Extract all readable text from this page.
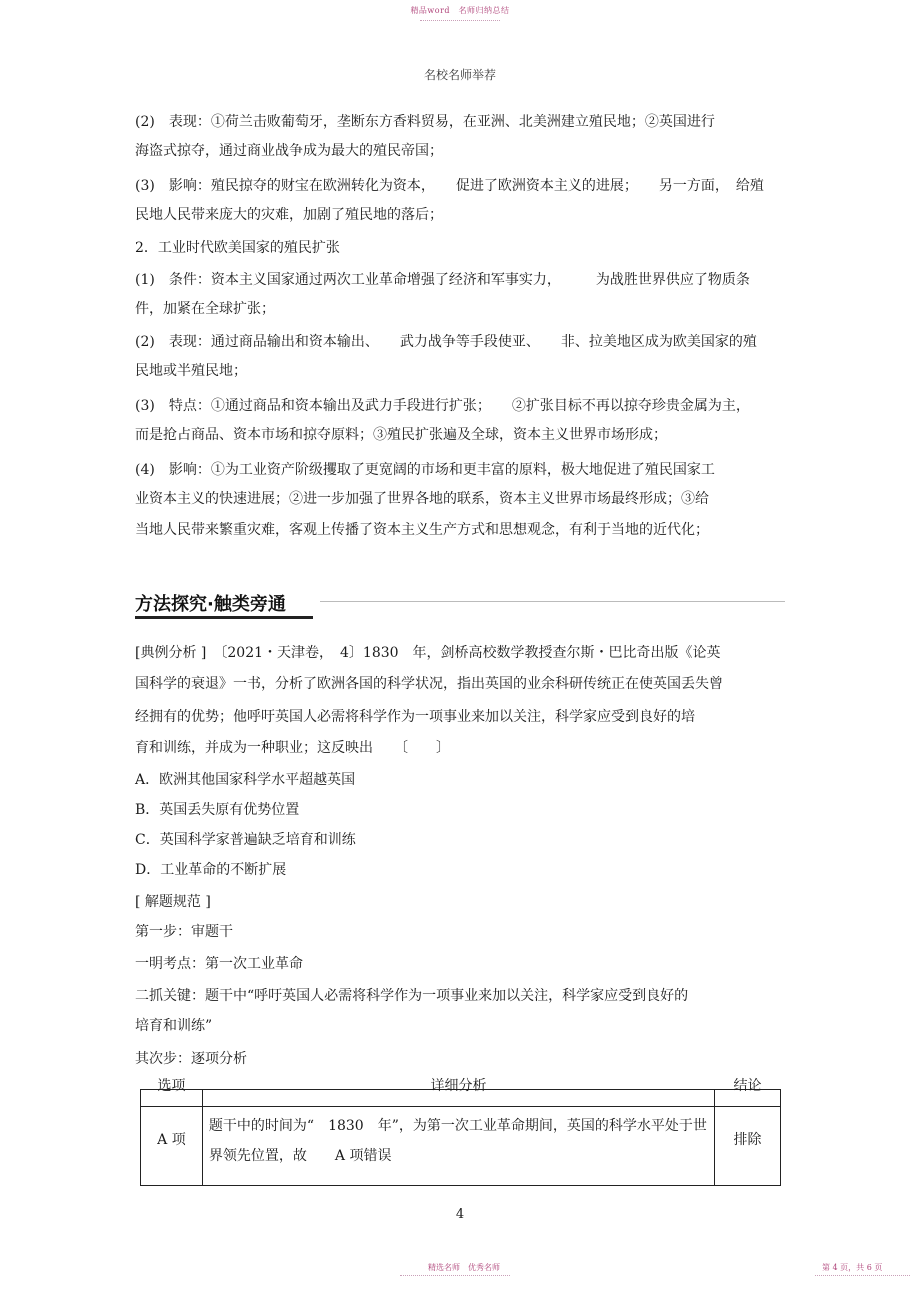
精品word　名师归纳总结
名校名师举荐
(2)　表现：①荷兰击败葡萄牙，垄断东方香料贸易，在亚洲、北美洲建立殖民地；②英国进行
海盗式掠夺，通过商业战争成为最大的殖民帝国；
(3)　影响：殖民掠夺的财宝在欧洲转化为资本，　　促进了欧洲资本主义的进展；　　另一方面，　给殖
民地人民带来庞大的灾难，加剧了殖民地的落后；
2．工业时代欧美国家的殖民扩张
(1)　条件：资本主义国家通过两次工业革命增强了经济和军事实力，　　　为战胜世界供应了物质条
件，加紧在全球扩张；
(2)　表现：通过商品输出和资本输出、　　武力战争等手段使亚、　　非、拉美地区成为欧美国家的殖
民地或半殖民地；
(3)　特点：①通过商品和资本输出及武力手段进行扩张；　　②扩张目标不再以掠夺珍贵金属为主，
而是抢占商品、资本市场和掠夺原料；③殖民扩张遍及全球，资本主义世界市场形成；
(4)　影响：①为工业资产阶级攫取了更宽阔的市场和更丰富的原料，极大地促进了殖民国家工
业资本主义的快速进展；②进一步加强了世界各地的联系，资本主义世界市场最终形成；③给
当地人民带来繁重灾难，客观上传播了资本主义生产方式和思想观念，有利于当地的近代化；
方法探究·触类旁通
[典例分析 ]　〔2021・天津卷，　4〕1830　年，剑桥高校数学教授查尔斯・巴比奇出版《论英
国科学的衰退》一书，分析了欧洲各国的科学状况，指出英国的业余科研传统正在使英国丢失曾
经拥有的优势；他呼吁英国人必需将科学作为一项事业来加以关注，科学家应受到良好的培
育和训练，并成为一种职业；这反映出　　〔　　〕
A．欧洲其他国家科学水平超越英国
B．英国丢失原有优势位置
C．英国科学家普遍缺乏培育和训练
D．工业革命的不断扩展
[ 解题规范 ]
第一步：审题干
一明考点：第一次工业革命
二抓关键：题干中“呼吁英国人必需将科学作为一项事业来加以关注，科学家应受到良好的
培育和训练”
其次步：逐项分析
选项	详细分析	结论

A 项	题干中的时间为“　1830　年”，为第一次工业革命期间，英国的科学水平处于世界领先位置，故　　A 项错误	排除
4
精选名师　优秀名师	第 4 页，共 6 页
